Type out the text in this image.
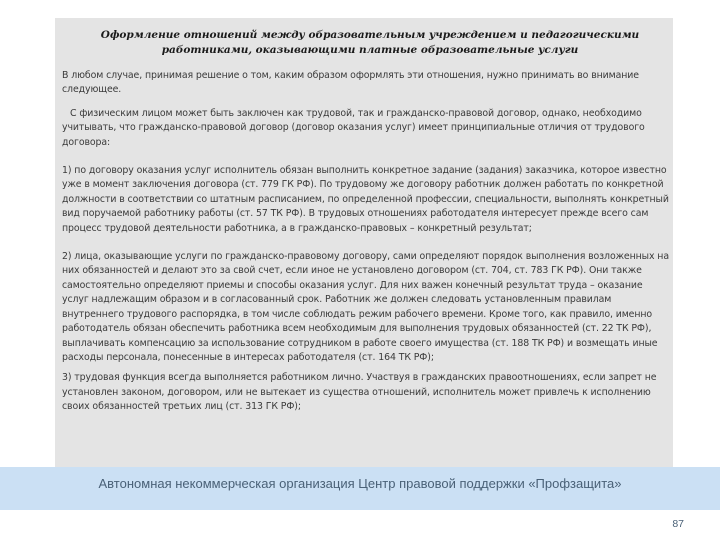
Оформление отношений между образовательным учреждением и педагогическими работниками, оказывающими платные образовательные услуги

В любом случае, принимая решение о том, каким образом оформлять эти отношения, нужно принимать во внимание следующее.

С физическим лицом может быть заключен как трудовой, так и гражданско-правовой договор, однако, необходимо учитывать, что гражданско-правовой договор (договор оказания услуг) имеет принципиальные отличия от трудового договора:

1) по договору оказания услуг исполнитель обязан выполнить конкретное задание (задания) заказчика, которое известно уже в момент заключения договора (ст. 779 ГК РФ). По трудовому же договору работник должен работать по конкретной должности в соответствии со штатным расписанием, по определенной профессии, специальности, выполнять конкретный вид поручаемой работнику работы (ст. 57 ТК РФ). В трудовых отношениях работодателя интересует прежде всего сам процесс трудовой деятельности работника, а в гражданско-правовых – конкретный результат;

2) лица, оказывающие услуги по гражданско-правовому договору, сами определяют порядок выполнения возложенных на них обязанностей и делают это за свой счет, если иное не установлено договором (ст. 704, ст. 783 ГК РФ). Они также самостоятельно определяют приемы и способы оказания услуг. Для них важен конечный результат труда – оказание услуг надлежащим образом и в согласованный срок. Работник же должен следовать установленным правилам внутреннего трудового распорядка, в том числе соблюдать режим рабочего времени. Кроме того, как правило, именно работодатель обязан обеспечить работника всем необходимым для выполнения трудовых обязанностей (ст. 22 ТК РФ), выплачивать компенсацию за использование сотрудником в работе своего имущества (ст. 188 ТК РФ) и возмещать иные расходы персонала, понесенные в интересах работодателя (ст. 164 ТК РФ);

3) трудовая функция всегда выполняется работником лично. Участвуя в гражданских правоотношениях, если запрет не установлен законом, договором, или не вытекает из существа отношений, исполнитель может привлечь к исполнению своих обязанностей третьих лиц (ст. 313 ГК РФ);

Автономная некоммерческая организация Центр правовой поддержки «Профзащита»
87
